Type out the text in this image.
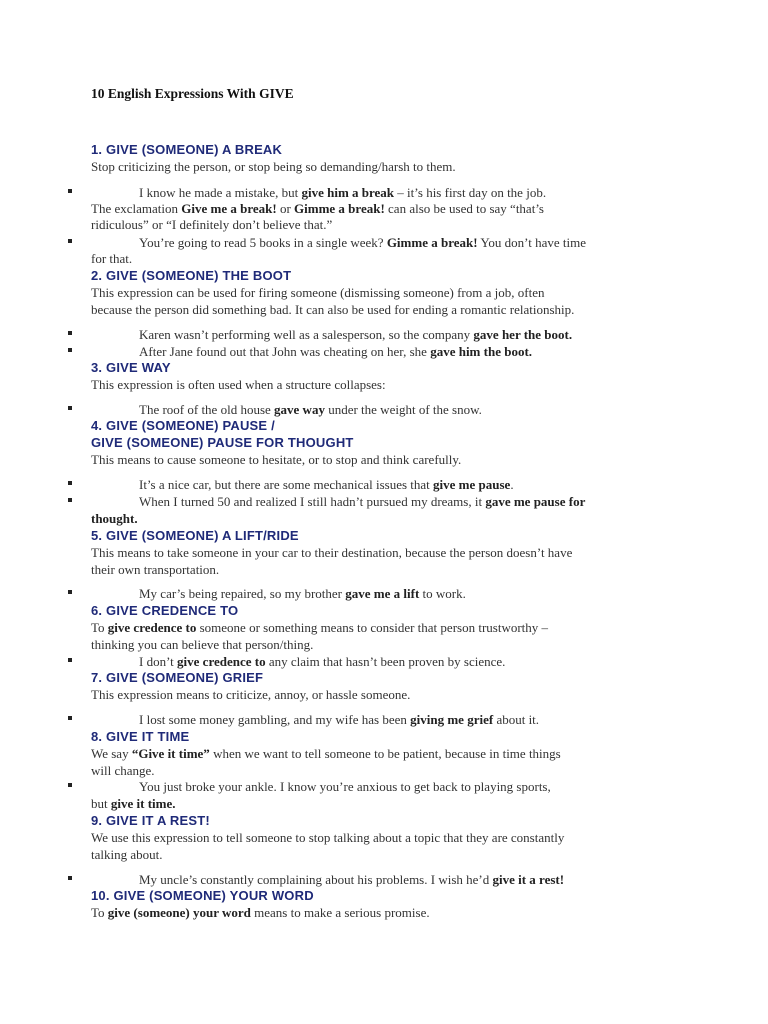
10 English Expressions With GIVE
1. GIVE (SOMEONE) A BREAK
Stop criticizing the person, or stop being so demanding/harsh to them.
I know he made a mistake, but give him a break – it’s his first day on the job.
The exclamation Give me a break! or Gimme a break! can also be used to say “that’s
ridiculous” or “I definitely don’t believe that.”
You’re going to read 5 books in a single week? Gimme a break! You don’t have time
for that.
2. GIVE (SOMEONE) THE BOOT
This expression can be used for firing someone (dismissing someone) from a job, often
because the person did something bad. It can also be used for ending a romantic relationship.
Karen wasn’t performing well as a salesperson, so the company gave her the boot.
After Jane found out that John was cheating on her, she gave him the boot.
3. GIVE WAY
This expression is often used when a structure collapses:
The roof of the old house gave way under the weight of the snow.
4. GIVE (SOMEONE) PAUSE /
GIVE (SOMEONE) PAUSE FOR THOUGHT
This means to cause someone to hesitate, or to stop and think carefully.
It’s a nice car, but there are some mechanical issues that give me pause.
When I turned 50 and realized I still hadn’t pursued my dreams, it gave me pause for
thought.
5. GIVE (SOMEONE) A LIFT/RIDE
This means to take someone in your car to their destination, because the person doesn’t have
their own transportation.
My car’s being repaired, so my brother gave me a lift to work.
6. GIVE CREDENCE TO
To give credence to someone or something means to consider that person trustworthy –
thinking you can believe that person/thing.
I don’t give credence to any claim that hasn’t been proven by science.
7. GIVE (SOMEONE) GRIEF
This expression means to criticize, annoy, or hassle someone.
I lost some money gambling, and my wife has been giving me grief about it.
8. GIVE IT TIME
We say “Give it time” when we want to tell someone to be patient, because in time things
will change.
You just broke your ankle. I know you’re anxious to get back to playing sports,
but give it time.
9. GIVE IT A REST!
We use this expression to tell someone to stop talking about a topic that they are constantly
talking about.
My uncle’s constantly complaining about his problems. I wish he’d give it a rest!
10. GIVE (SOMEONE) YOUR WORD
To give (someone) your word means to make a serious promise.
